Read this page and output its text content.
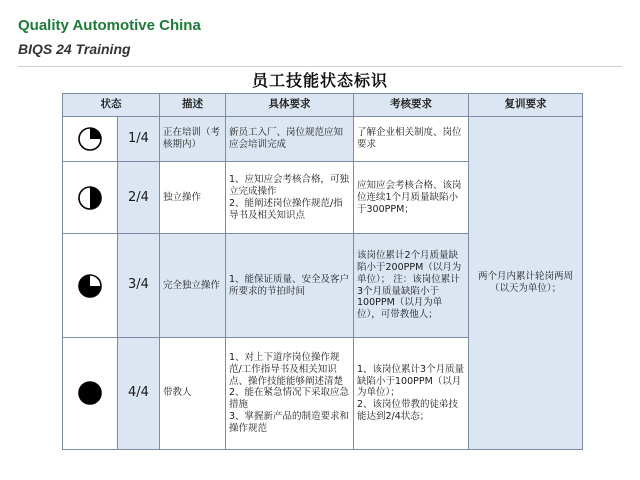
Quality Automotive China
BIQS 24 Training
员工技能状态标识
状态		描述	具体要求	考核要求	复训要求
	1/4	正在培训（考核期内）	新员工入厂、岗位规范应知应会培训完成	了解企业相关制度、岗位要求	两个月内累计轮岗两周（以天为单位）；
	2/4	独立操作	1、应知应会考核合格，可独立完成操作
2、能阐述岗位操作规范/指导书及相关知识点	应知应会考核合格、该岗位连续1个月质量缺陷小于300PPM；	
	3/4	完全独立操作	1、能保证质量、安全及客户所要求的节拍时间	该岗位累计2个月质量缺陷小于200PPM（以月为单位）； 注：该岗位累计3个月质量缺陷小于100PPM（以月为单位），可带教他人；	
	4/4	带教人	1、对上下道序岗位操作规范/工作指导书及相关知识点、操作技能能够阐述清楚
2、能在紧急情况下采取应急措施
3、掌握新产品的制造要求和操作规范	1、该岗位累计3个月质量缺陷小于100PPM（以月为单位）；
2、该岗位带教的徒弟技能达到2/4状态；	
